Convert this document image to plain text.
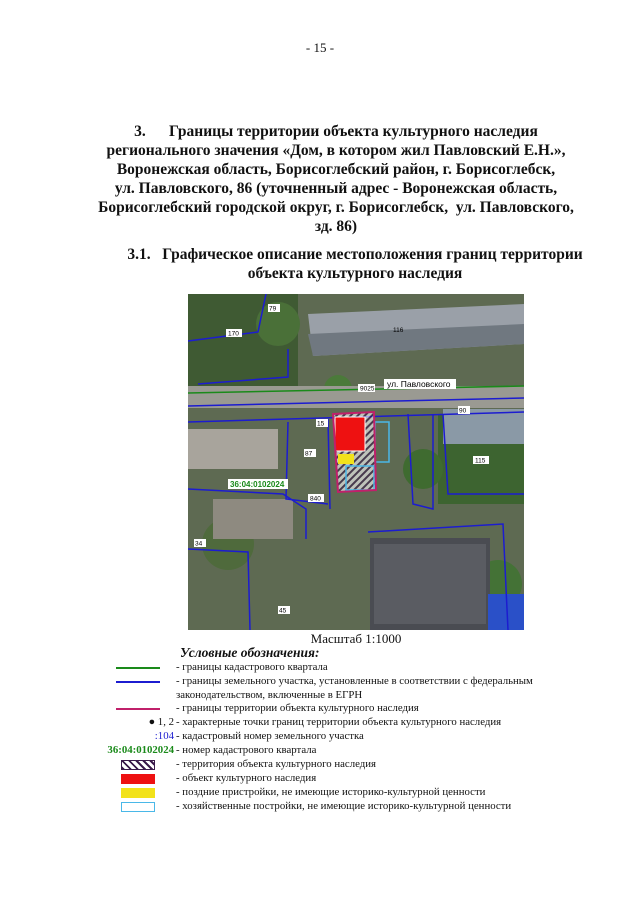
- 15 -
3.      Границы территории объекта культурного наследия
регионального значения «Дом, в котором жил Павловский Е.Н.»,
Воронежская область, Борисоглебский район, г. Борисоглебск,
ул. Павловского, 86 (уточненный адрес - Воронежская область,
Борисоглебский городской округ, г. Борисоглебск,  ул. Павловского,
зд. 86)
3.1.   Графическое описание местоположения границ территории
объекта культурного наследия
170
79
116
9025 ул. Павловского
15
115
87
36:04:0102024
840
90
34
45
Масштаб 1:1000
Условные обозначения:
- границы кадастрового квартала
- границы земельного участка, установленные в соответствии с федеральным законодательством, включенные в ЕГРН
- границы территории объекта культурного наследия
● 1, 2 - характерные точки границ территории объекта культурного наследия
:104 - кадастровый номер земельного участка
36:04:0102024 - номер кадастрового квартала
- территория объекта культурного наследия
- объект культурного наследия
- поздние пристройки, не имеющие историко-культурной ценности
- хозяйственные постройки, не имеющие историко-культурной ценности
